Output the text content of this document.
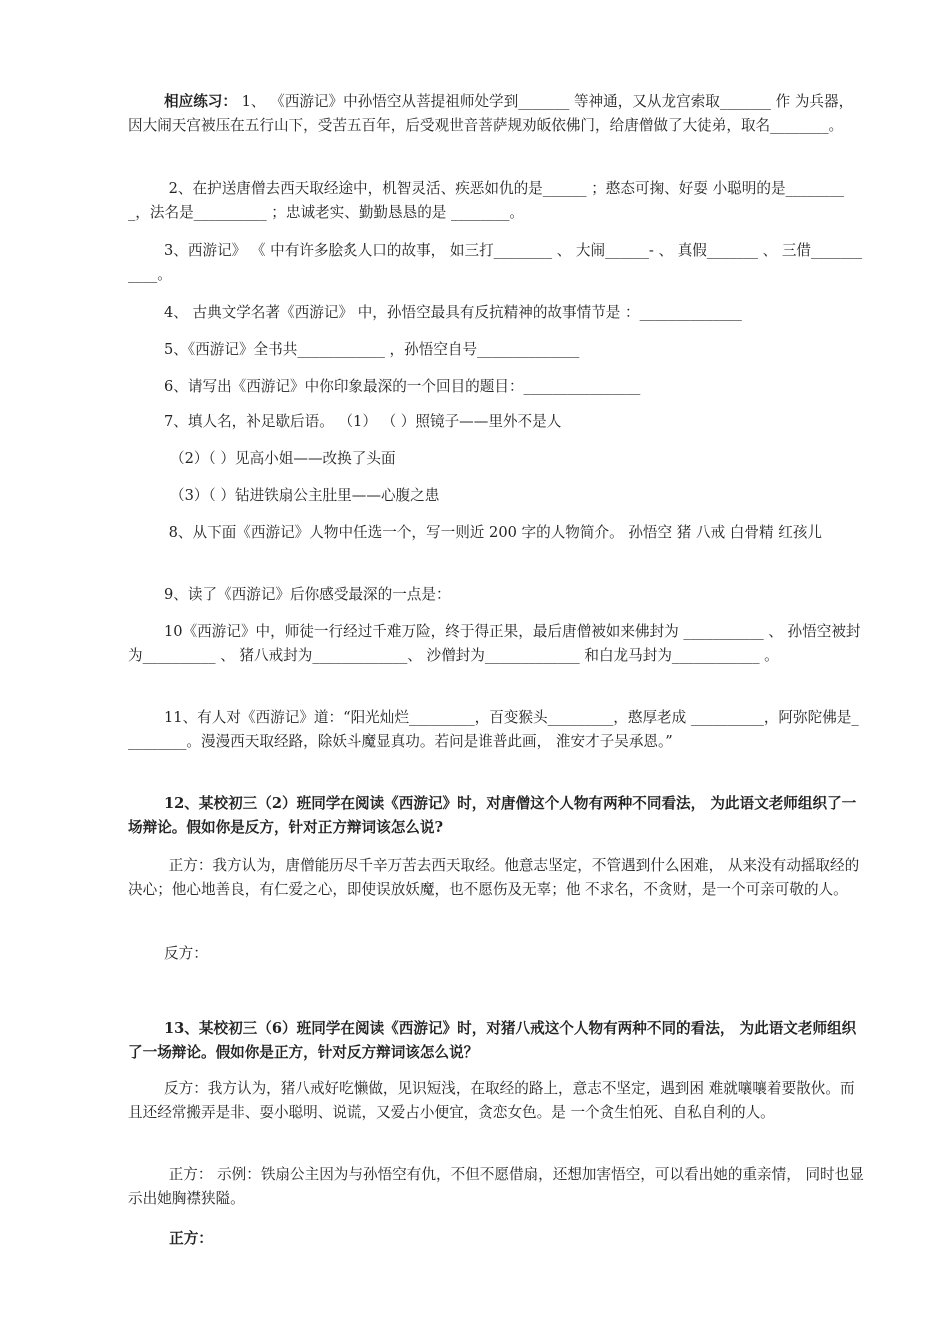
相应练习： 1、 《西游记》中孙悟空从菩提祖师处学到_______ 等神通，又从龙宫索取_______ 作 为兵器，因大闹天宫被压在五行山下，受苦五百年，后受观世音菩萨规劝皈依佛门，给唐僧做了大徒弟，取名________。

2、在护送唐僧去西天取经途中，机智灵活、疾恶如仇的是______ ；憨态可掬、好耍 小聪明的是_________，法名是__________ ；忠诚老实、勤勤恳恳的是 ________。

3、西游记》 《 中有许多脍炙人口的故事， 如三打________ 、 大闹______- 、 真假_______ 、 三借___________。

4、 古典文学名著《西游记》 中，孙悟空最具有反抗精神的故事情节是 ：______________

5、《西游记》全书共____________ ，孙悟空自号______________

6、请写出《西游记》中你印象最深的一个回目的题目：________________

7、填人名，补足歇后语。 （1） （ ）照镜子——里外不是人

（2）（ ）见高小姐——改换了头面

（3）（ ）钻进铁扇公主肚里——心腹之患

8、从下面《西游记》人物中任选一个，写一则近 200 字的人物简介。 孙悟空 猪 八戒 白骨精 红孩儿

9、读了《西游记》后你感受最深的一点是：

10《西游记》中，师徒一行经过千难万险，终于得正果，最后唐僧被如来佛封为 ___________ 、 孙悟空被封为__________ 、 猪八戒封为_____________、 沙僧封为_____________ 和白龙马封为____________ 。

11、有人对《西游记》道：“阳光灿烂_________，百变猴头_________，憨厚老成 __________，阿弥陀佛是_________。漫漫西天取经路，除妖斗魔显真功。若问是谁普此画， 淮安才子吴承恩。”

12、某校初三（2）班同学在阅读《西游记》时，对唐僧这个人物有两种不同看法， 为此语文老师组织了一场辩论。假如你是反方，针对正方辩词该怎么说?

正方：我方认为，唐僧能历尽千辛万苦去西天取经。他意志坚定，不管遇到什么困难， 从来没有动摇取经的决心；他心地善良，有仁爱之心，即使误放妖魔，也不愿伤及无辜；他 不求名，不贪财，是一个可亲可敬的人。

反方：

13、某校初三（6）班同学在阅读《西游记》时，对猪八戒这个人物有两种不同的看法， 为此语文老师组织了一场辩论。假如你是正方，针对反方辩词该怎么说？

反方：我方认为，猪八戒好吃懒做，见识短浅，在取经的路上，意志不坚定，遇到困 难就嚷嚷着要散伙。而且还经常搬弄是非、耍小聪明、说谎，又爱占小便宜，贪恋女色。是 一个贪生怕死、自私自利的人。

正方： 示例：铁扇公主因为与孙悟空有仇，不但不愿借扇，还想加害悟空，可以看出她的重亲情， 同时也显示出她胸襟狭隘。

正方：
